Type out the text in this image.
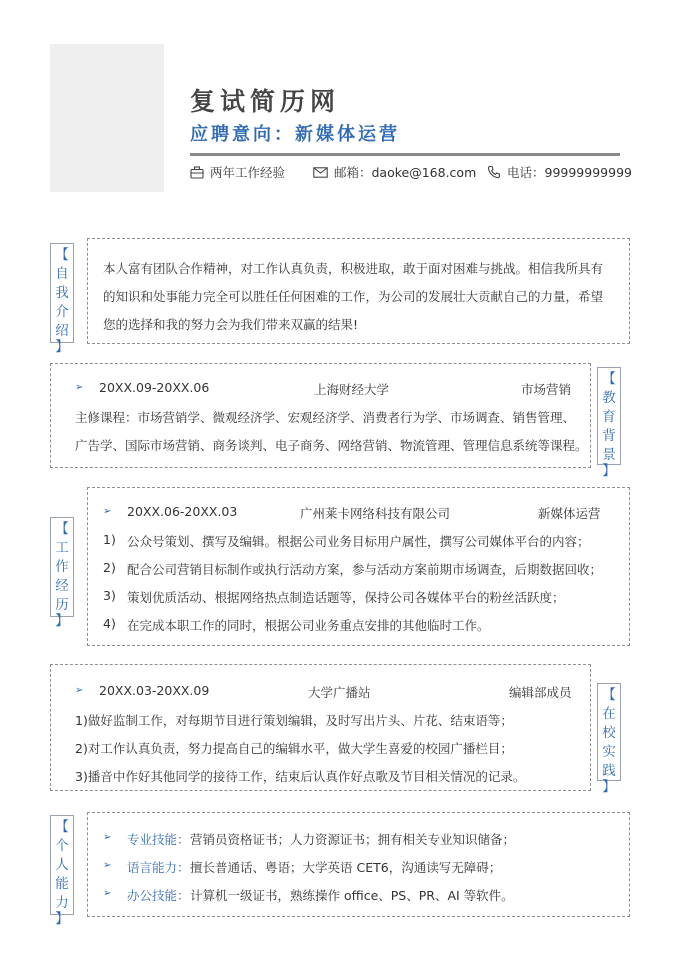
复试简历网
应聘意向：新媒体运营
两年工作经验	邮箱：daoke@168.com 电话：99999999999
【
自
我
介
绍
】
本人富有团队合作精神，对工作认真负责，积极进取，敢于面对困难与挑战。相信我所具有
的知识和处事能力完全可以胜任任何困难的工作，为公司的发展壮大贡献自己的力量，希望
您的选择和我的努力会为我们带来双赢的结果!
【
教
育
背
景
】
➢ 20XX.09-20XX.06	上海财经大学	市场营销
主修课程：市场营销学、微观经济学、宏观经济学、消费者行为学、市场调查、销售管理、
广告学、国际市场营销、商务谈判、电子商务、网络营销、物流管理、管理信息系统等课程。
【
工
作
经
历
】
➢ 20XX.06-20XX.03	广州莱卡网络科技有限公司	新媒体运营
1) 公众号策划、撰写及编辑。根据公司业务目标用户属性，撰写公司媒体平台的内容；
2) 配合公司营销目标制作或执行活动方案，参与活动方案前期市场调查，后期数据回收；
3) 策划优质活动、根据网络热点制造话题等，保持公司各媒体平台的粉丝活跃度；
4) 在完成本职工作的同时，根据公司业务重点安排的其他临时工作。
【
在
校
实
践
】
➢ 20XX.03-20XX.09	大学广播站	编辑部成员
1)做好监制工作，对每期节目进行策划编辑，及时写出片头、片花、结束语等；
2)对工作认真负责，努力提高自己的编辑水平，做大学生喜爱的校园广播栏目；
3)播音中作好其他同学的接待工作，结束后认真作好点歌及节目相关情况的记录。
【
个
人
能
力
】
➢ 专业技能： 营销员资格证书；人力资源证书；拥有相关专业知识储备；
➢ 语言能力： 擅长普通话、粤语；大学英语 CET6，沟通读写无障碍；
➢ 办公技能： 计算机一级证书，熟练操作 office、PS、PR、AI 等软件。
